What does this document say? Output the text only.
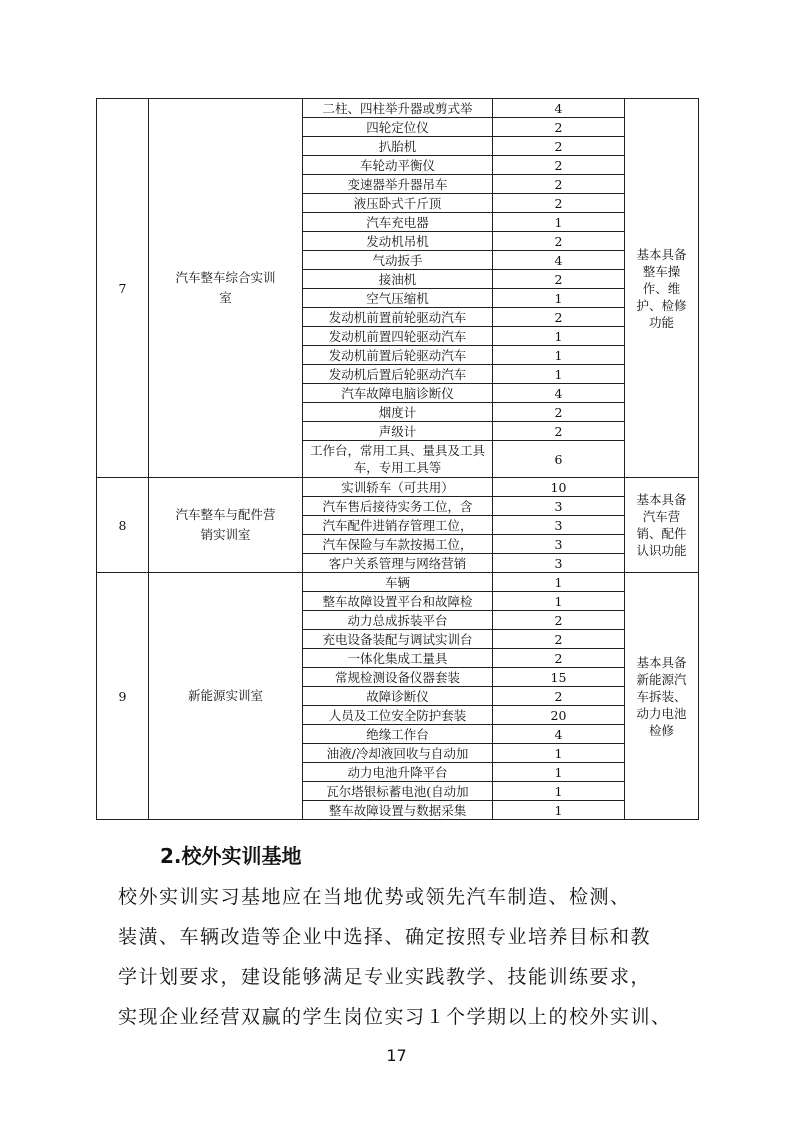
7	汽车整车综合实训室	二柱、四柱举升器或剪式举	4	基本具备整车操作、维护、检修功能
		四轮定位仪	2	
		扒胎机	2	
		车轮动平衡仪	2	
		变速器举升器吊车	2	
		液压卧式千斤顶	2	
		汽车充电器	1	
		发动机吊机	2	
		气动扳手	4	
		接油机	2	
		空气压缩机	1	
		发动机前置前轮驱动汽车	2	
		发动机前置四轮驱动汽车	1	
		发动机前置后轮驱动汽车	1	
		发动机后置后轮驱动汽车	1	
		汽车故障电脑诊断仪	4	
		烟度计	2	
		声级计	2	
		工作台，常用工具、量具及工具车，专用工具等	6	
8	汽车整车与配件营销实训室	实训轿车（可共用）	10	基本具备汽车营销、配件认识功能
		汽车售后接待实务工位，含	3	
		汽车配件进销存管理工位，	3	
		汽车保险与车款按揭工位，	3	
		客户关系管理与网络营销	3	
9	新能源实训室	车辆	1	基本具备新能源汽车拆装、动力电池检修
		整车故障设置平台和故障检	1	
		动力总成拆装平台	2	
		充电设备装配与调试实训台	2	
		一体化集成工量具	2	
		常规检测设备仪器套装	15	
		故障诊断仪	2	
		人员及工位安全防护套装	20	
		绝缘工作台	4	
		油液/冷却液回收与自动加	1	
		动力电池升降平台	1	
		瓦尔塔银标蓄电池(自动加	1	
		整车故障设置与数据采集	1	
2.校外实训基地

校外实训实习基地应在当地优势或领先汽车制造、检测、

装潢、车辆改造等企业中选择、确定按照专业培养目标和教

学计划要求，建设能够满足专业实践教学、技能训练要求，

实现企业经营双赢的学生岗位实习１个学期以上的校外实训、

17
